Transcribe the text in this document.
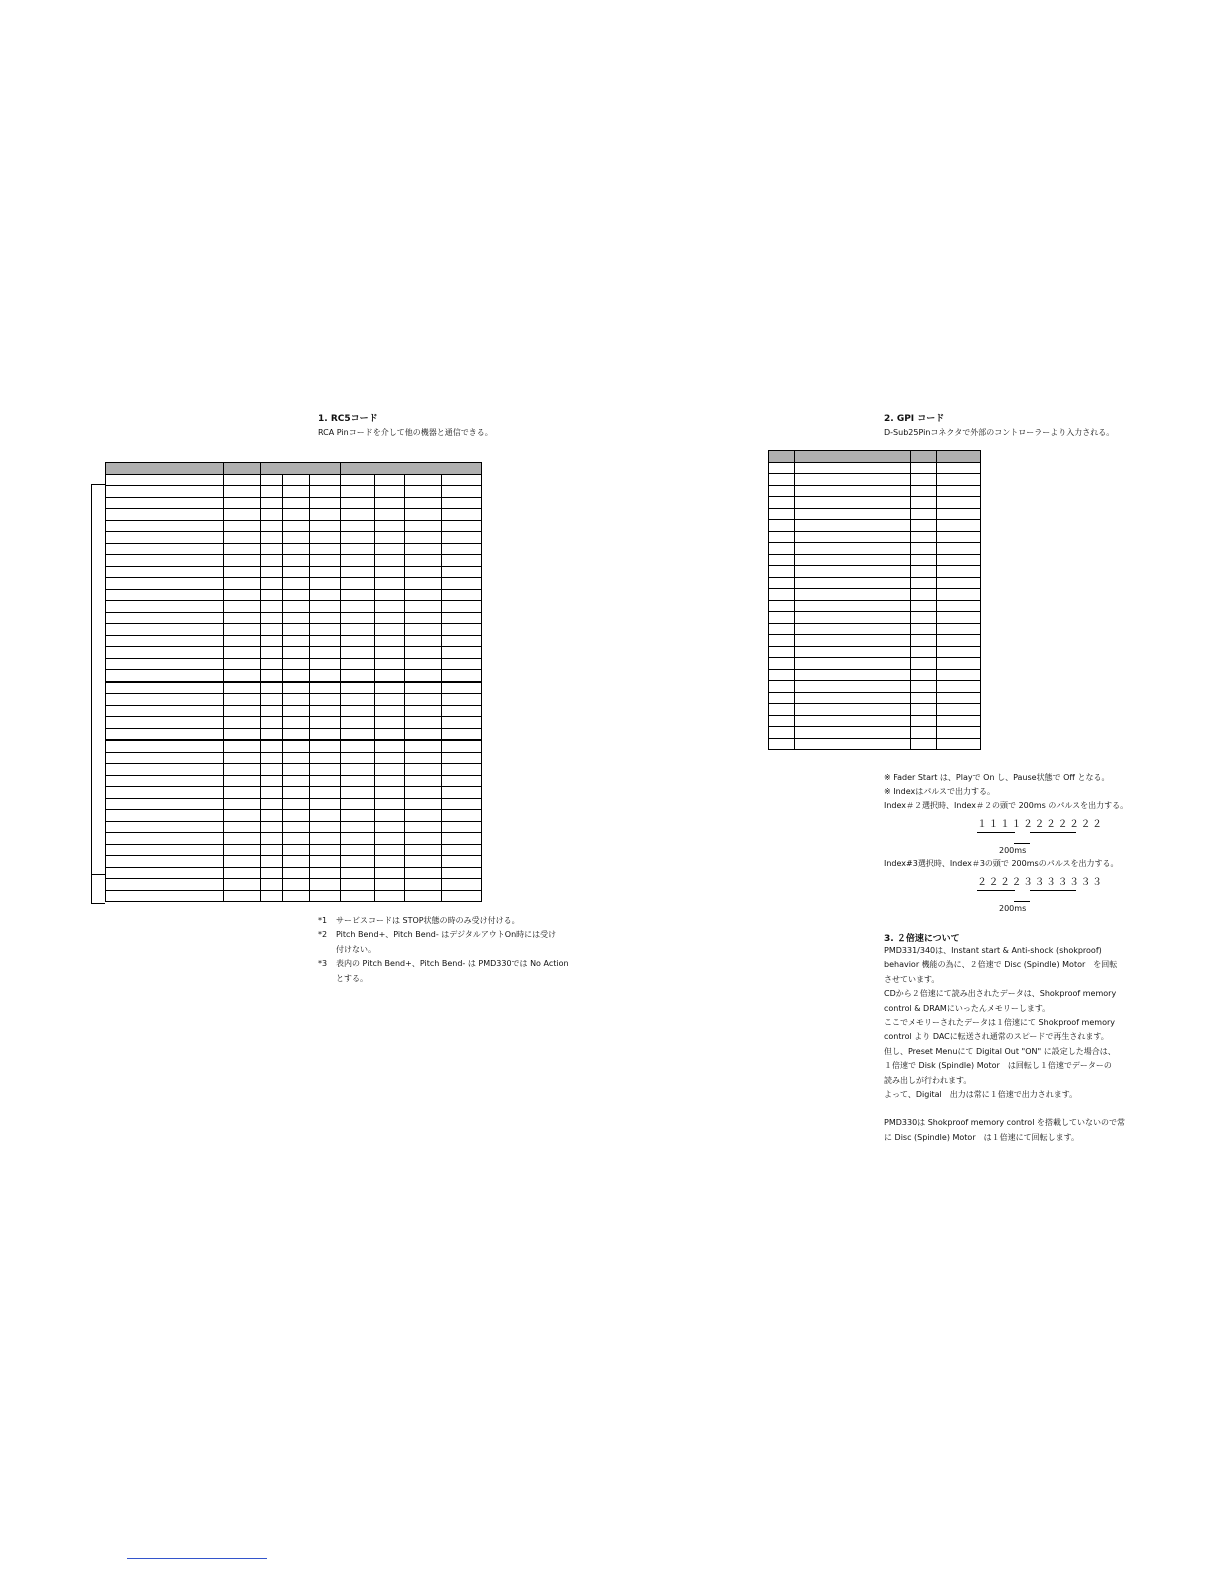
1. RC5コード
RCA Pinコードを介して他の機器と通信できる。

*1 サービスコードは STOP状態の時のみ受け付ける。
*2 Pitch Bend+、Pitch Bend- はデジタルアウトOn時には受け
付けない。
*3 表内の Pitch Bend+、Pitch Bend- は PMD330では No Action
とする。
2. GPI コード
D-Sub25Pinコネクタで外部のコントローラーより入力される。

※ Fader Start は、Playで On し、Pause状態で Off となる。
※ Indexはパルスで出力する。
Index＃２選択時、Index＃２の頭で 200ms のパルスを出力する。
１１１１２２２２２２２
200ms
Index#3選択時、Index＃3の頭で 200msのパルスを出力する。
２２２２３３３３３３３
200ms
3. ２倍速について
PMD331/340は、Instant start & Anti-shock (shokproof)
behavior 機能の為に、２倍速で Disc (Spindle) Motor　を回転
させています。
CDから２倍速にて読み出されたデータは、Shokproof memory
control & DRAMにいったんメモリーします。
ここでメモリーされたデータは１倍速にて Shokproof memory
control より DACに転送され通常のスピードで再生されます。
但し、Preset Menuにて Digital Out "ON" に設定した場合は、
１倍速で Disk (Spindle) Motor　は回転し１倍速でデーターの
読み出しが行われます。
よって、Digital　出力は常に１倍速で出力されます。
PMD330は Shokproof memory control を搭載していないので常
に Disc (Spindle) Motor　は１倍速にて回転します。
